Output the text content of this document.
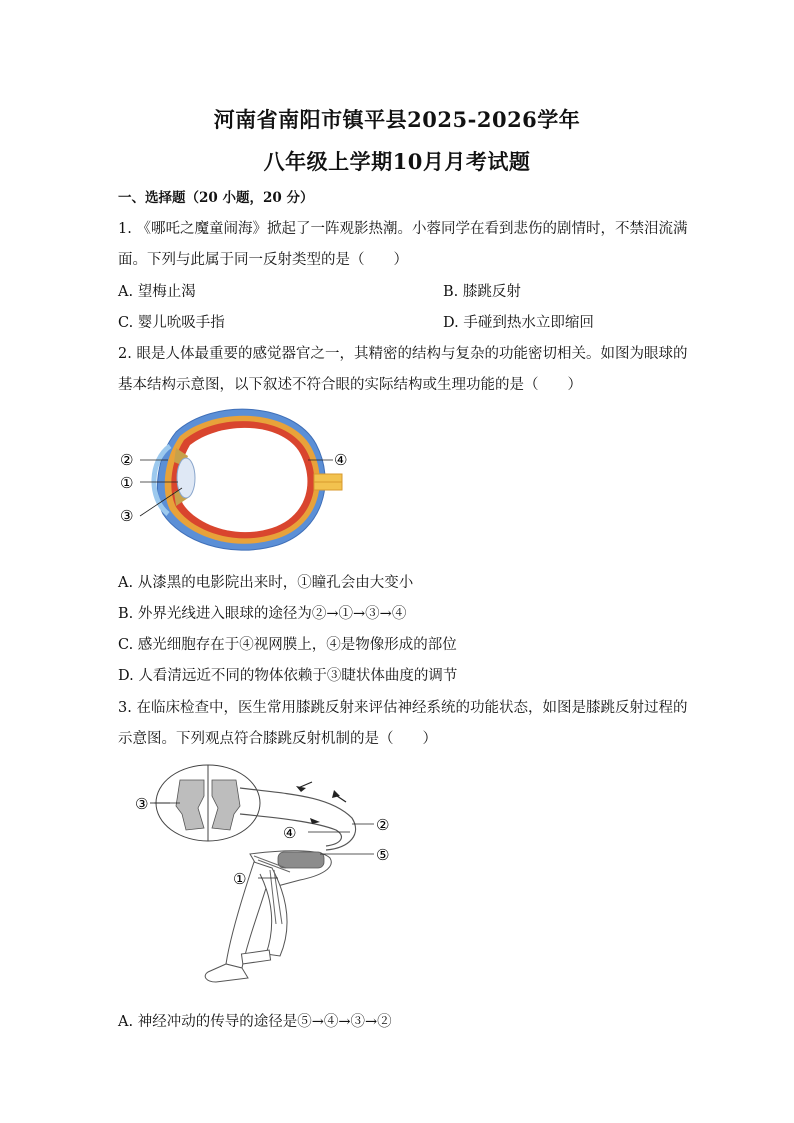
河南省南阳市镇平县2025-2026学年
八年级上学期10月月考试题
一、选择题（20 小题，20 分）
1. 《哪吒之魔童闹海》掀起了一阵观影热潮。小蓉同学在看到悲伤的剧情时，不禁泪流满
面。下列与此属于同一反射类型的是（　　）
A. 望梅止渴	B. 膝跳反射
C. 婴儿吮吸手指	D. 手碰到热水立即缩回
2. 眼是人体最重要的感觉器官之一，其精密的结构与复杂的功能密切相关。如图为眼球的
基本结构示意图，以下叙述不符合眼的实际结构或生理功能的是（　　）
②
①
③
④
A. 从漆黑的电影院出来时，①瞳孔会由大变小
B. 外界光线进入眼球的途径为②→①→③→④
C. 感光细胞存在于④视网膜上，④是物像形成的部位
D. 人看清远近不同的物体依赖于③睫状体曲度的调节
3. 在临床检查中，医生常用膝跳反射来评估神经系统的功能状态，如图是膝跳反射过程的
示意图。下列观点符合膝跳反射机制的是（　　）
③
④	②
⑤
①
A. 神经冲动的传导的途径是⑤→④→③→②
